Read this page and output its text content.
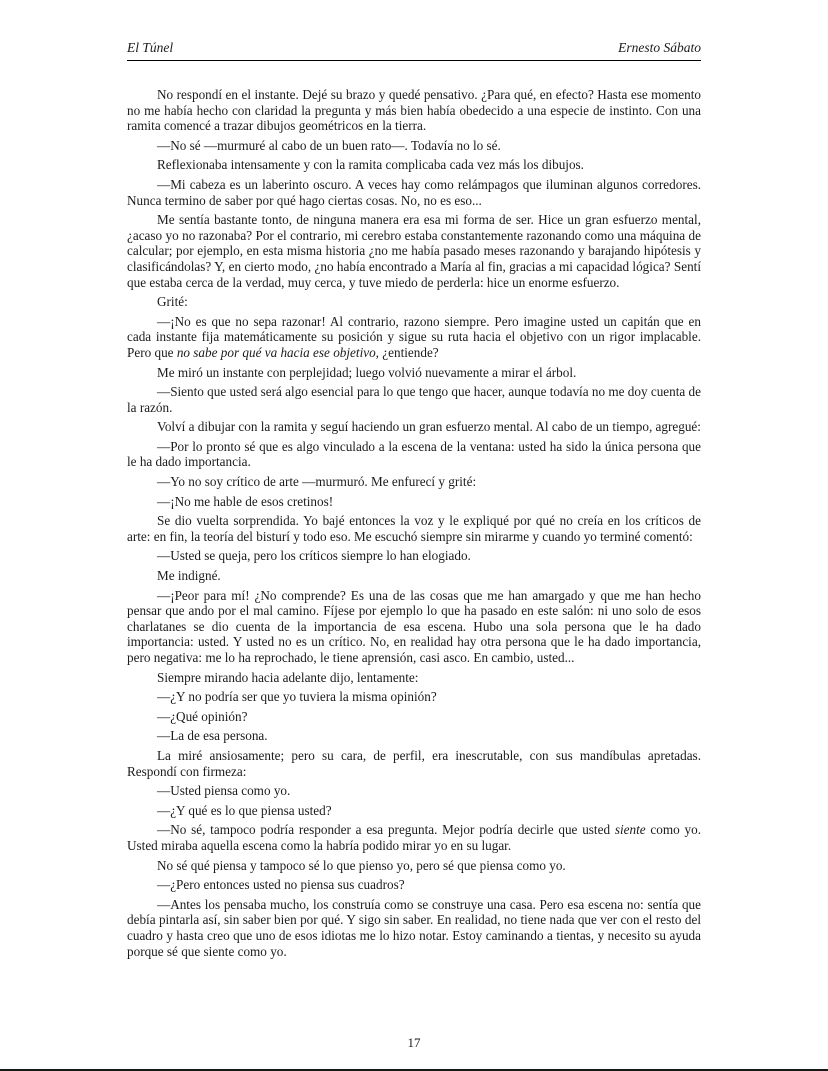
El Túnel	Ernesto Sábato

No respondí en el instante. Dejé su brazo y quedé pensativo. ¿Para qué, en efecto? Hasta ese momento no me había hecho con claridad la pregunta y más bien había obedecido a una especie de instinto. Con una ramita comencé a trazar dibujos geométricos en la tierra.

—No sé —murmuré al cabo de un buen rato—. Todavía no lo sé.

Reflexionaba intensamente y con la ramita complicaba cada vez más los dibujos.

—Mi cabeza es un laberinto oscuro. A veces hay como relámpagos que iluminan algunos corredores. Nunca termino de saber por qué hago ciertas cosas. No, no es eso...

Me sentía bastante tonto, de ninguna manera era esa mi forma de ser. Hice un gran esfuerzo mental, ¿acaso yo no razonaba? Por el contrario, mi cerebro estaba constantemente razonando como una máquina de calcular; por ejemplo, en esta misma historia ¿no me había pasado meses razonando y barajando hipótesis y clasificándolas? Y, en cierto modo, ¿no había encontrado a María al fin, gracias a mi capacidad lógica? Sentí que estaba cerca de la verdad, muy cerca, y tuve miedo de perderla: hice un enorme esfuerzo.

Grité:

—¡No es que no sepa razonar! Al contrario, razono siempre. Pero imagine usted un capitán que en cada instante fija matemáticamente su posición y sigue su ruta hacia el objetivo con un rigor implacable. Pero que no sabe por qué va hacia ese objetivo, ¿entiende?

Me miró un instante con perplejidad; luego volvió nuevamente a mirar el árbol.

—Siento que usted será algo esencial para lo que tengo que hacer, aunque todavía no me doy cuenta de la razón.

Volví a dibujar con la ramita y seguí haciendo un gran esfuerzo mental. Al cabo de un tiempo, agregué:

—Por lo pronto sé que es algo vinculado a la escena de la ventana: usted ha sido la única persona que le ha dado importancia.

—Yo no soy crítico de arte —murmuró. Me enfurecí y grité:

—¡No me hable de esos cretinos!

Se dio vuelta sorprendida. Yo bajé entonces la voz y le expliqué por qué no creía en los críticos de arte: en fin, la teoría del bisturí y todo eso. Me escuchó siempre sin mirarme y cuando yo terminé comentó:

—Usted se queja, pero los críticos siempre lo han elogiado.

Me indigné.

—¡Peor para mí! ¿No comprende? Es una de las cosas que me han amargado y que me han hecho pensar que ando por el mal camino. Fíjese por ejemplo lo que ha pasado en este salón: ni uno solo de esos charlatanes se dio cuenta de la importancia de esa escena. Hubo una sola persona que le ha dado importancia: usted. Y usted no es un crítico. No, en realidad hay otra persona que le ha dado importancia, pero negativa: me lo ha reprochado, le tiene aprensión, casi asco. En cambio, usted...

Siempre mirando hacia adelante dijo, lentamente:

—¿Y no podría ser que yo tuviera la misma opinión?

—¿Qué opinión?

—La de esa persona.

La miré ansiosamente; pero su cara, de perfil, era inescrutable, con sus mandíbulas apretadas. Respondí con firmeza:

—Usted piensa como yo.

—¿Y qué es lo que piensa usted?

—No sé, tampoco podría responder a esa pregunta. Mejor podría decirle que usted siente como yo. Usted miraba aquella escena como la habría podido mirar yo en su lugar.

No sé qué piensa y tampoco sé lo que pienso yo, pero sé que piensa como yo.

—¿Pero entonces usted no piensa sus cuadros?

—Antes los pensaba mucho, los construía como se construye una casa. Pero esa escena no: sentía que debía pintarla así, sin saber bien por qué. Y sigo sin saber. En realidad, no tiene nada que ver con el resto del cuadro y hasta creo que uno de esos idiotas me lo hizo notar. Estoy caminando a tientas, y necesito su ayuda porque sé que siente como yo.

17
